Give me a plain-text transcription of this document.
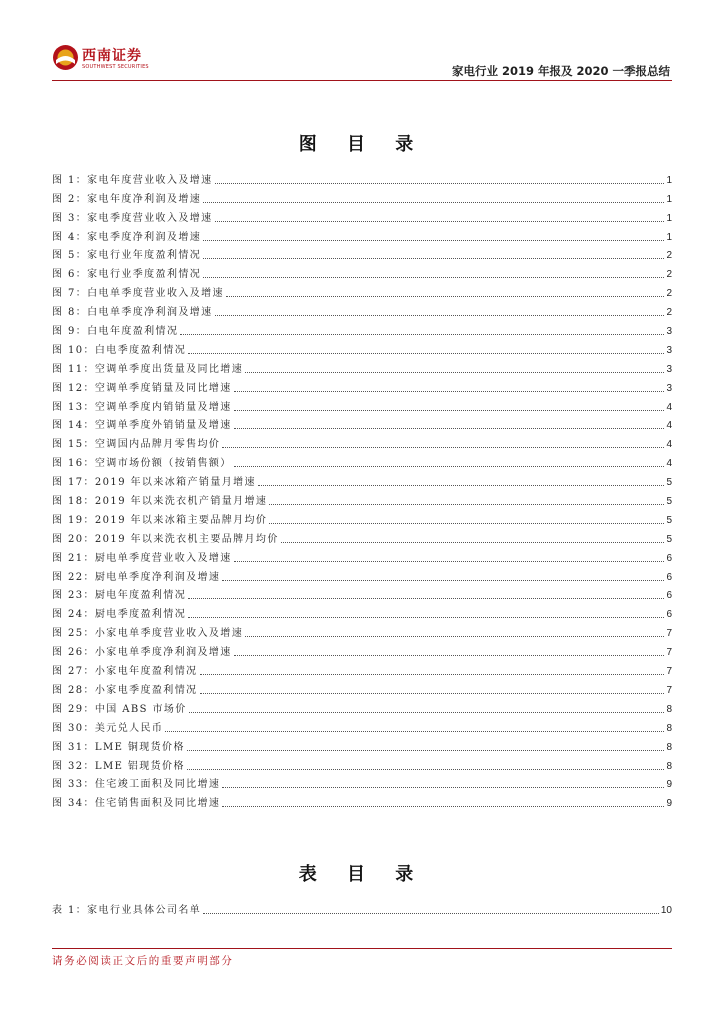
西南证券
SOUTHWEST SECURITIES	家电行业 2019 年报及 2020 一季报总结
图 目 录
图 1：家电年度营业收入及增速	1
图 2：家电年度净利润及增速	1
图 3：家电季度营业收入及增速	1
图 4：家电季度净利润及增速	1
图 5：家电行业年度盈利情况	2
图 6：家电行业季度盈利情况	2
图 7：白电单季度营业收入及增速	2
图 8：白电单季度净利润及增速	2
图 9：白电年度盈利情况	3
图 10：白电季度盈利情况	3
图 11：空调单季度出货量及同比增速	3
图 12：空调单季度销量及同比增速	3
图 13：空调单季度内销销量及增速	4
图 14：空调单季度外销销量及增速	4
图 15：空调国内品牌月零售均价	4
图 16：空调市场份额（按销售额）	4
图 17：2019 年以来冰箱产销量月增速	5
图 18：2019 年以来洗衣机产销量月增速	5
图 19：2019 年以来冰箱主要品牌月均价	5
图 20：2019 年以来洗衣机主要品牌月均价	5
图 21：厨电单季度营业收入及增速	6
图 22：厨电单季度净利润及增速	6
图 23：厨电年度盈利情况	6
图 24：厨电季度盈利情况	6
图 25：小家电单季度营业收入及增速	7
图 26：小家电单季度净利润及增速	7
图 27：小家电年度盈利情况	7
图 28：小家电季度盈利情况	7
图 29：中国 ABS 市场价	8
图 30：美元兑人民币	8
图 31：LME 铜现货价格	8
图 32：LME 铝现货价格	8
图 33：住宅竣工面积及同比增速	9
图 34：住宅销售面积及同比增速	9
表 目 录
表 1：家电行业具体公司名单	10
请务必阅读正文后的重要声明部分
